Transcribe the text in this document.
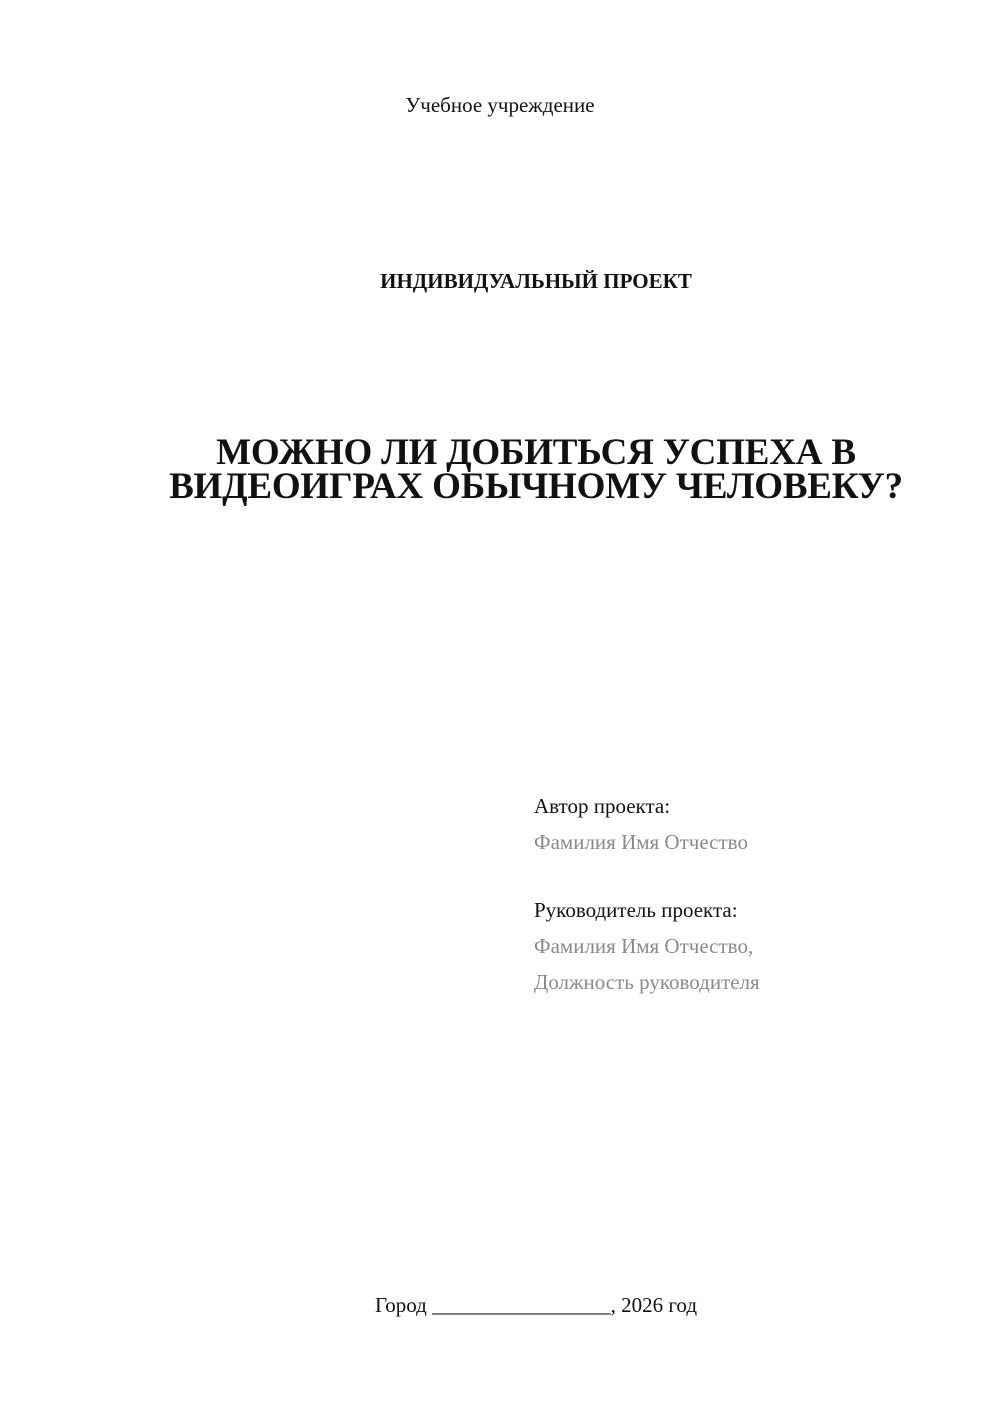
Учебное учреждение
ИНДИВИДУАЛЬНЫЙ ПРОЕКТ
МОЖНО ЛИ ДОБИТЬСЯ УСПЕХА В
ВИДЕОИГРАХ ОБЫЧНОМУ ЧЕЛОВЕКУ?
Автор проекта:
Фамилия Имя Отчество
Руководитель проекта:
Фамилия Имя Отчество,
Должность руководителя
Город _________________, 2026 год
